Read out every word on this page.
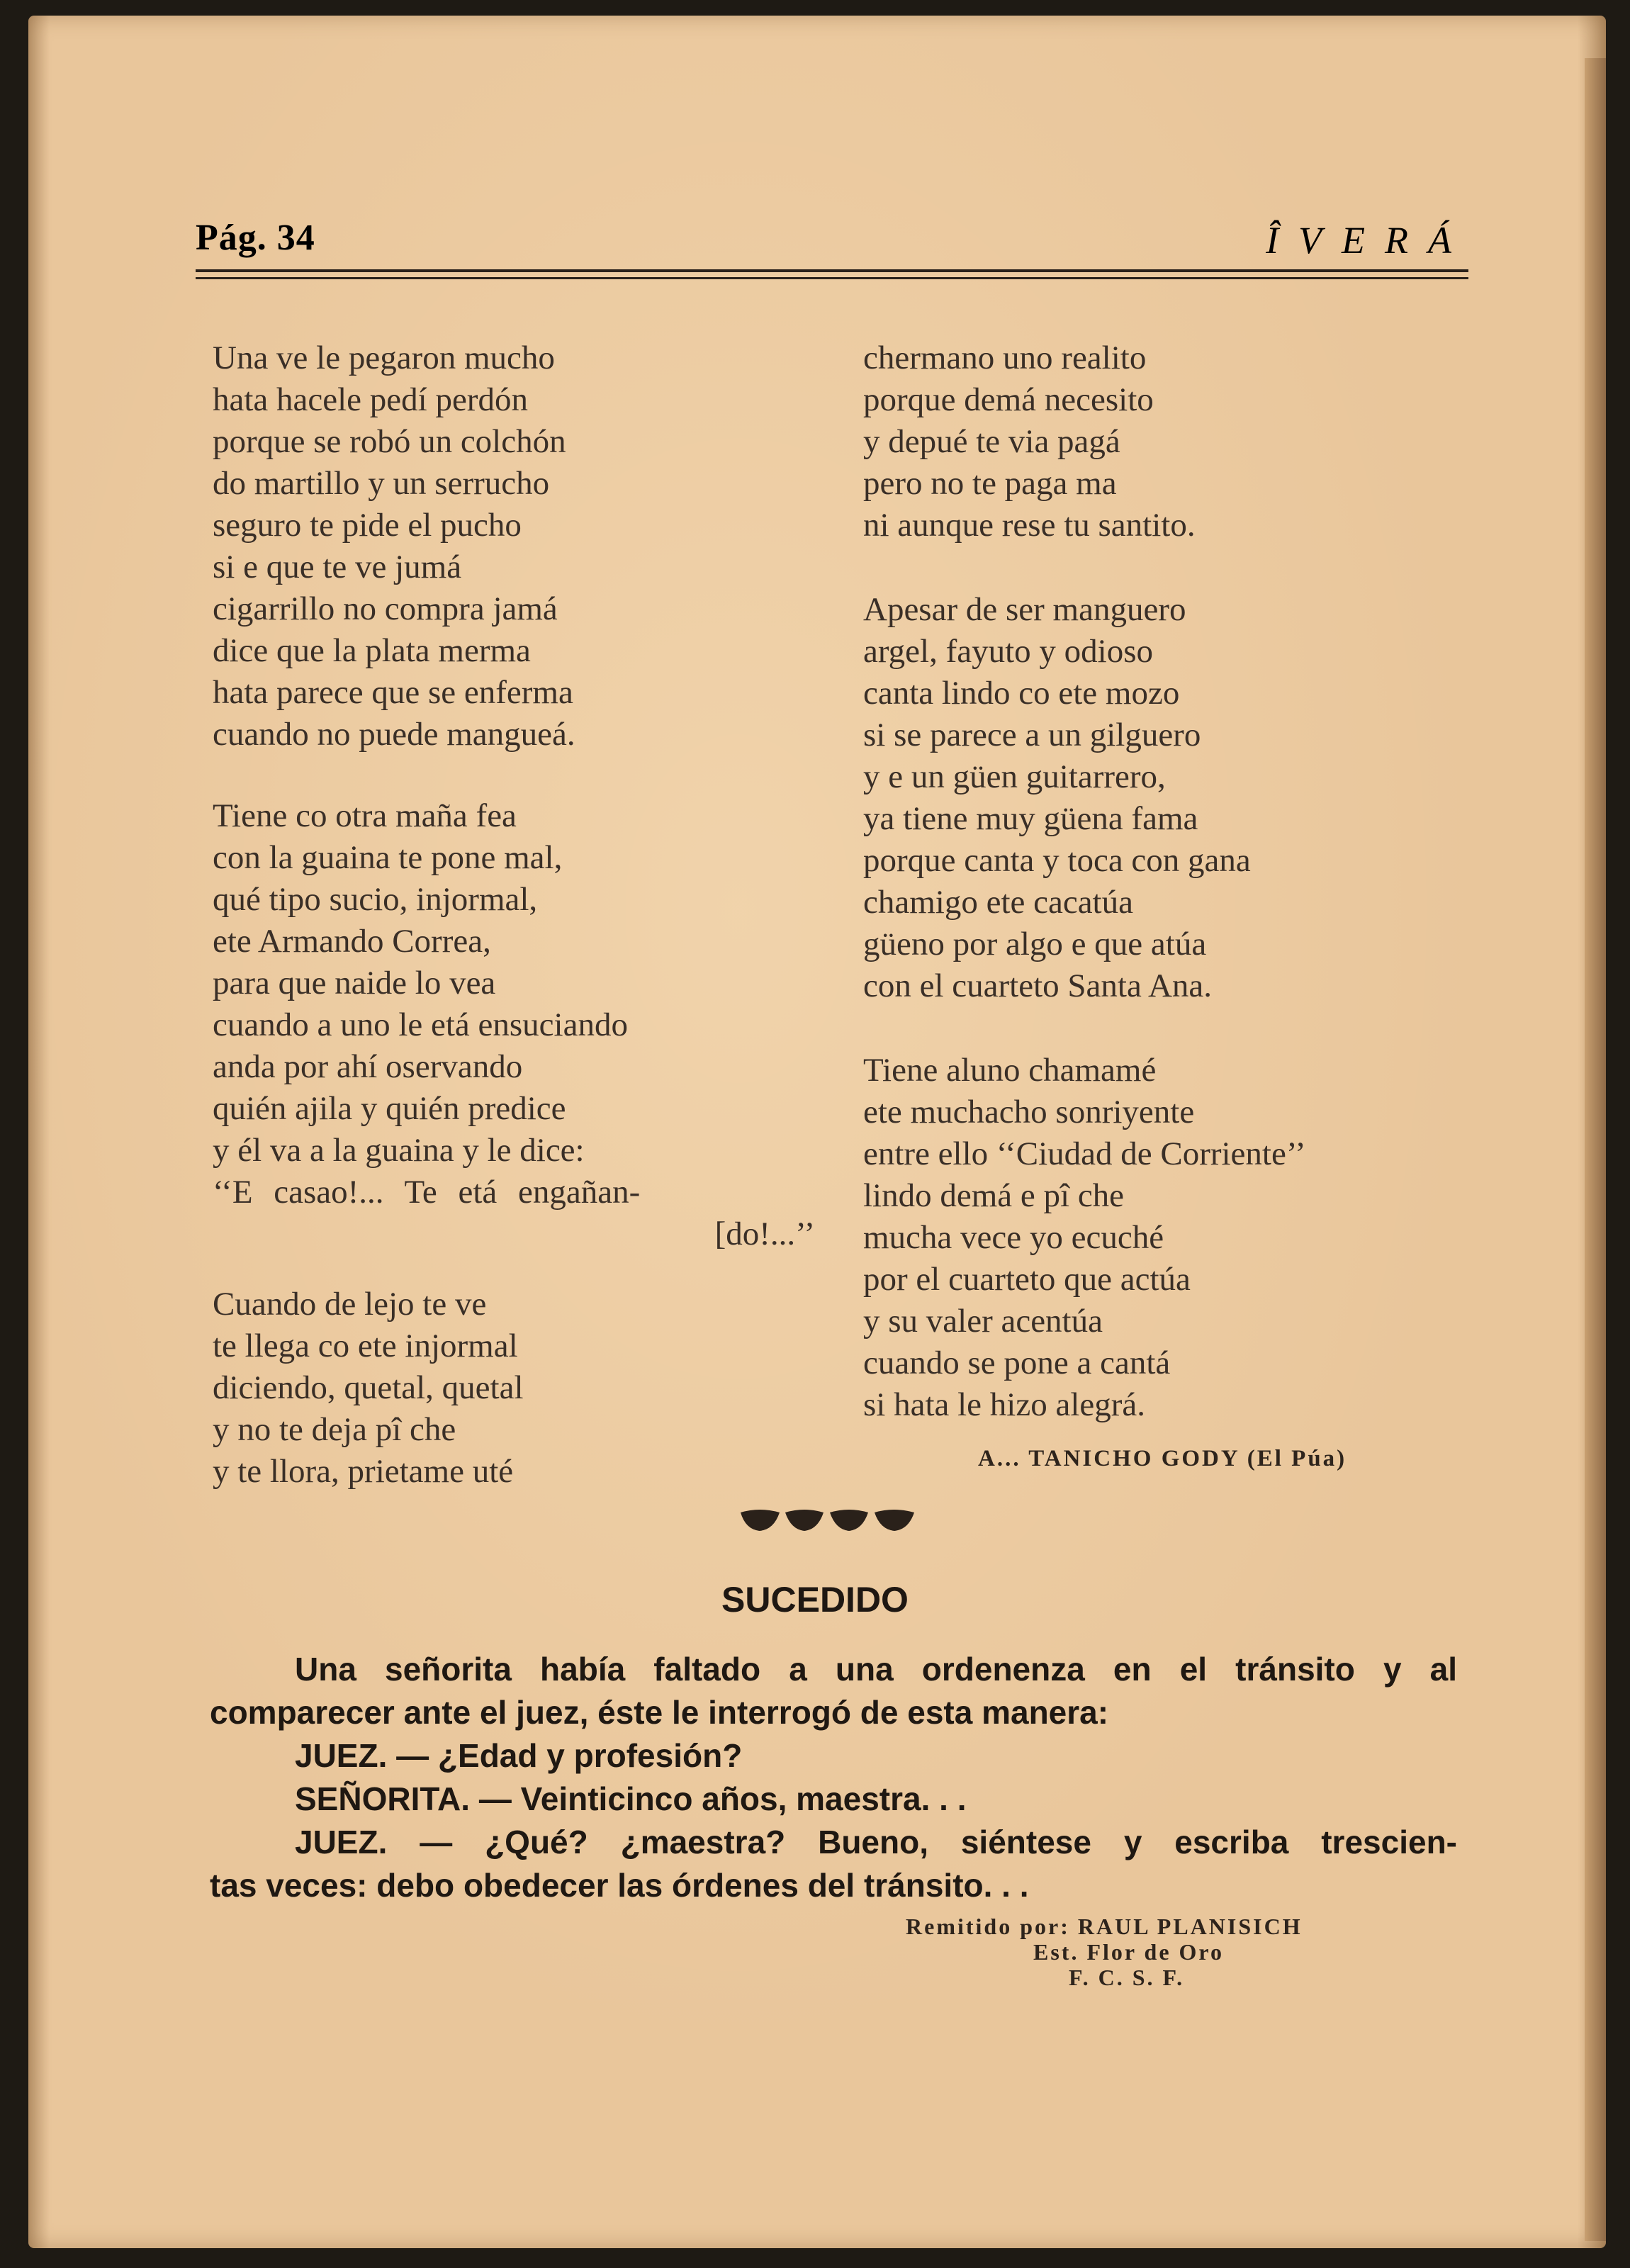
Pág. 34	ÎVERÁ
Una ve le pegaron mucho
hata hacele pedí perdón
porque se robó un colchón
do martillo y un serrucho
seguro te pide el pucho
si e que te ve jumá
cigarrillo no compra jamá
dice que la plata merma
hata parece que se enferma
cuando no puede mangueá.
Tiene co otra maña fea
con la guaina te pone mal,
qué tipo sucio, injormal,
ete Armando Correa,
para que naide lo vea
cuando a uno le etá ensuciando
anda por ahí oservando
quién ajila y quién predice
y él va a la guaina y le dice:
‘‘E casao!... Te etá engañan-
[do!...’’
Cuando de lejo te ve
te llega co ete injormal
diciendo, quetal, quetal
y no te deja pî che
y te llora, prietame uté
chermano uno realito
porque demá necesito
y depué te via pagá
pero no te paga ma
ni aunque rese tu santito.
Apesar de ser manguero
argel, fayuto y odioso
canta lindo co ete mozo
si se parece a un gilguero
y e un güen guitarrero,
ya tiene muy güena fama
porque canta y toca con gana
chamigo ete cacatúa
güeno por algo e que atúa
con el cuarteto Santa Ana.
Tiene aluno chamamé
ete muchacho sonriyente
entre ello ‘‘Ciudad de Corriente’’
lindo demá e pî che
mucha vece yo ecuché
por el cuarteto que actúa
y su valer acentúa
cuando se pone a cantá
si hata le hizo alegrá.
A... TANICHO GODY (El Púa)
SUCEDIDO
Una señorita había faltado a una ordenenza en el tránsito y al
comparecer ante el juez, éste le interrogó de esta manera:
JUEZ. — ¿Edad y profesión?
SEÑORITA. — Veinticinco años, maestra. . .
JUEZ. — ¿Qué? ¿maestra? Bueno, siéntese y escriba trescien-
tas veces: debo obedecer las órdenes del tránsito. . .
Remitido por: RAUL PLANISICH
Est. Flor de Oro
F. C. S. F.
